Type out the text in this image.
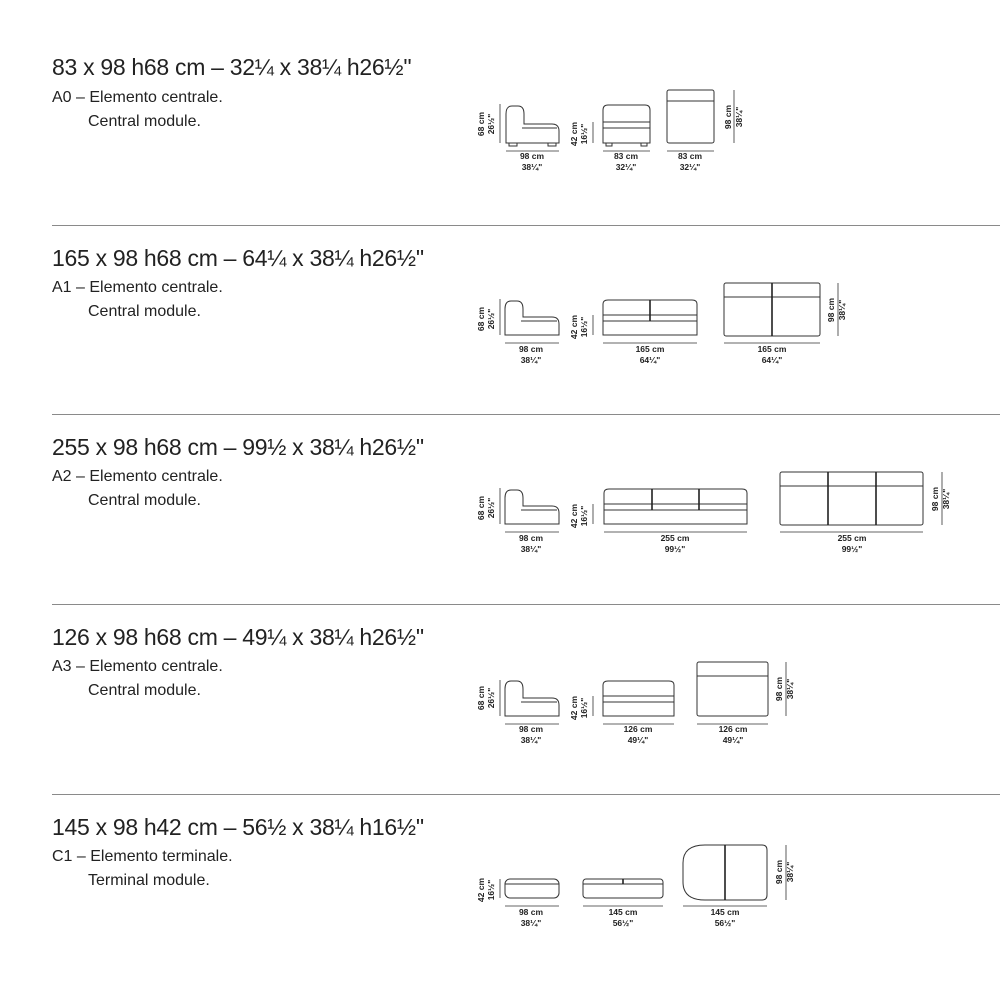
83 x 98 h68 cm – 32¼ x 38¼ h26½''
A0 – Elemento centrale.
Central module.	68 cm 26½"
98 cm
38¼"
42 cm 16½"
83 cm
32¼"
98 cm 38¼"
83 cm
32¼"
165 x 98 h68 cm – 64¼ x 38¼ h26½''
A1 – Elemento centrale.
Central module.	68 cm 26½"
98 cm
38¼"
42 cm 16½"
165 cm
64¼"
98 cm 38¼"
165 cm
64¼"
255 x 98 h68 cm – 99½ x 38¼ h26½''
A2 – Elemento centrale.
Central module.	68 cm 26½"
98 cm
38¼"
42 cm 16½"
255 cm
99½"
98 cm 38¼"
255 cm
99½"
126 x 98 h68 cm – 49¼ x 38¼ h26½''
A3 – Elemento centrale.
Central module.	68 cm 26½"
98 cm
38¼"
42 cm 16½"
126 cm
49¼"
98 cm 38¼"
126 cm
49¼"
145 x 98 h42 cm – 56½ x 38¼ h16½''
C1 – Elemento terminale.
Terminal module.	42 cm 16½"
98 cm
38¼"
145 cm
56½"
98 cm 38¼"
145 cm
56½"
